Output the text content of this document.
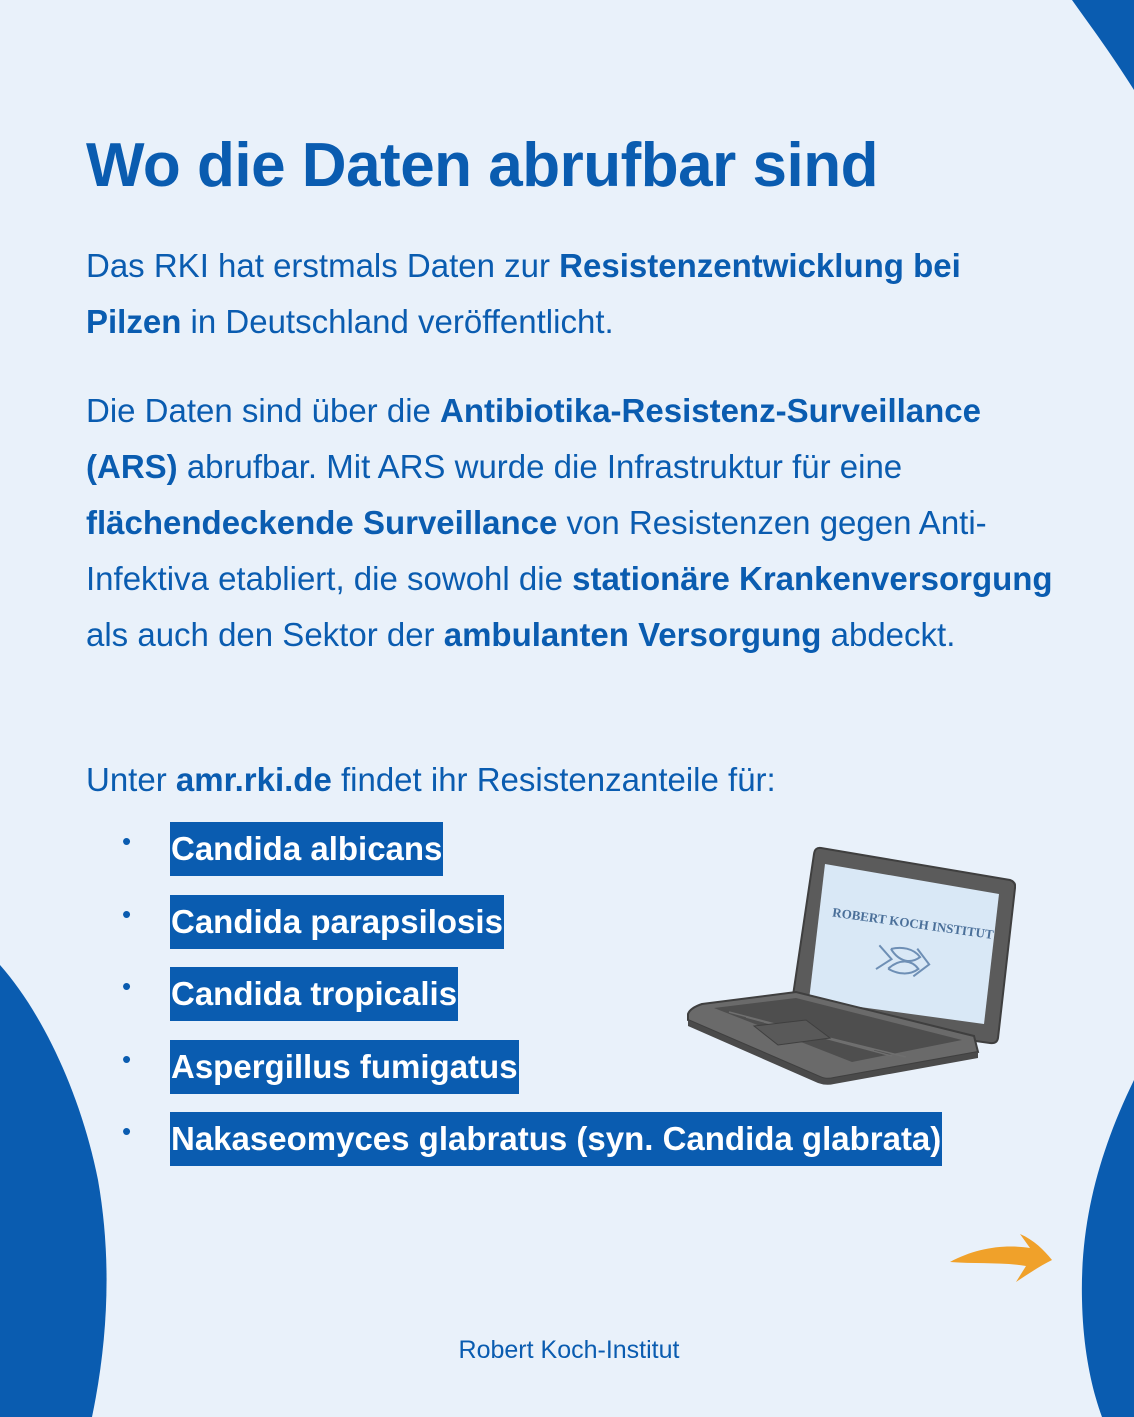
Wo die Daten abrufbar sind

Das RKI hat erstmals Daten zur Resistenzentwicklung bei Pilzen in Deutschland veröffentlicht.

Die Daten sind über die Antibiotika-Resistenz-Surveillance (ARS) abrufbar. Mit ARS wurde die Infrastruktur für eine flächendeckende Surveillance von Resistenzen gegen Anti-Infektiva etabliert, die sowohl die stationäre Krankenversorgung als auch den Sektor der ambulanten Versorgung abdeckt.

Unter amr.rki.de findet ihr Resistenzanteile für:

• Candida albicans
• Candida parapsilosis
• Candida tropicalis
• Aspergillus fumigatus
• Nakaseomyces glabratus (syn. Candida glabrata)
ROBERT KOCH INSTITUT
Robert Koch-Institut
